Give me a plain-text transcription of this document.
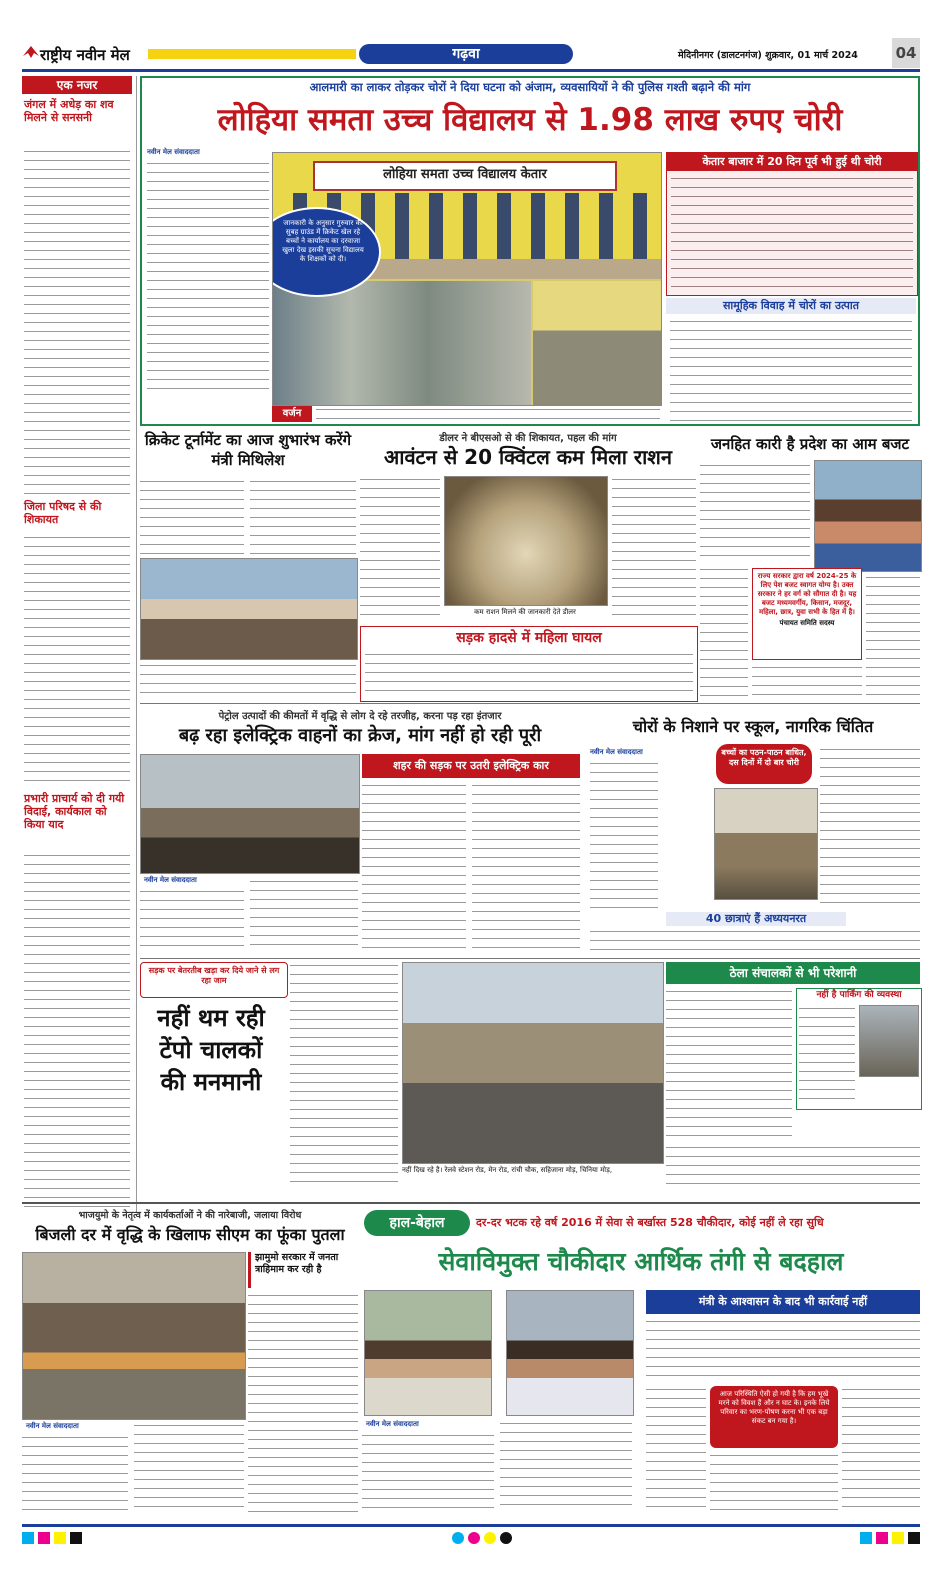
राष्ट्रीय नवीन मेल	गढ़वा	मेदिनीनगर (डालटनगंज) शुक्रवार, 01 मार्च 2024	04
एक नजर
जंगल में अधेड़ का शव मिलने से सनसनी
जिला परिषद से की शिकायत
प्रभारी प्राचार्य को दी गयी विदाई, कार्यकाल को किया याद
आलमारी का लाकर तोड़कर चोरों ने दिया घटना को अंजाम, व्यवसायियों ने की पुलिस गश्ती बढ़ाने की मांग
लोहिया समता उच्च विद्यालय से 1.98 लाख रुपए चोरी
नवीन मेल संवाददाता
लोहिया समता उच्च विद्यालय केतार
जानकारी के अनुसार गुरुवार की सुबह ग्राउंड में क्रिकेट खेल रहे बच्चों ने कार्यालय का दरवाजा खुला देख इसकी सूचना विद्यालय के शिक्षकों को दी।
वर्जन
केतार बाजार में 20 दिन पूर्व भी हुई थी चोरी
सामूहिक विवाह में चोरों का उत्पात
क्रिकेट टूर्नामेंट का आज शुभारंभ करेंगे मंत्री मिथिलेश
डीलर ने बीएसओ से की शिकायत, पहल की मांग
आवंटन से 20 क्विंटल कम मिला राशन
कम राशन मिलने की जानकारी देते डीलर
सड़क हादसे में महिला घायल
जनहित कारी है प्रदेश का आम बजट
राज्य सरकार द्वारा वर्ष 2024-25 के लिए पेश बजट स्वागत योग्य है। उक्त सरकार ने हर वर्ग को सौगात दी है। यह बजट मध्यमवर्गीय, किसान, मजदूर, महिला, छात्र, युवा सभी के हित में है।
पंचायत समिति सदस्य
पेट्रोल उत्पादों की कीमतों में वृद्धि से लोग दे रहे तरजीह, करना पड़ रहा इंतजार
बढ़ रहा इलेक्ट्रिक वाहनों का क्रेज, मांग नहीं हो रही पूरी
शहर की सड़क पर उतरी इलेक्ट्रिक कार
नवीन मेल संवाददाता
चोरों के निशाने पर स्कूल, नागरिक चिंतित
नवीन मेल संवाददाता	बच्चों का पठन-पाठन बाधित, दस दिनों में दो बार चोरी
40 छात्राएं हैं अध्ययनरत
सड़क पर बेतरतीब खड़ा कर दिये जाने से लग रहा जाम
नहीं थम रही टेंपो चालकों की मनमानी
नहीं दिख रहे है। रेलवे स्टेशन रोड, मेन रोड, रांची चौक, सहिजाना मोड़, चिनिया मोड़,
ठेला संचालकों से भी परेशानी
नहीं है पार्किंग की व्यवस्था
भाजयुमो के नेतृत्व में कार्यकर्ताओं ने की नारेबाजी, जलाया विरोध
बिजली दर में वृद्धि के खिलाफ सीएम का फूंका पुतला
झामुमो सरकार में जनता त्राहिमाम कर रही है
नवीन मेल संवाददाता
हाल-बेहाल	दर-दर भटक रहे वर्ष 2016 में सेवा से बर्खास्त 528 चौकीदार, कोई नहीं ले रहा सुधि
सेवाविमुक्त चौकीदार आर्थिक तंगी से बदहाल
मंत्री के आश्वासन के बाद भी कार्रवाई नहीं
नवीन मेल संवाददाता
आज परिस्थिति ऐसी हो गयी है कि हम भूखे मरने को विवश हैं और न घाट के। इनके लिये परिवार का भरण-पोषण करना भी एक बड़ा संकट बन गया है।
